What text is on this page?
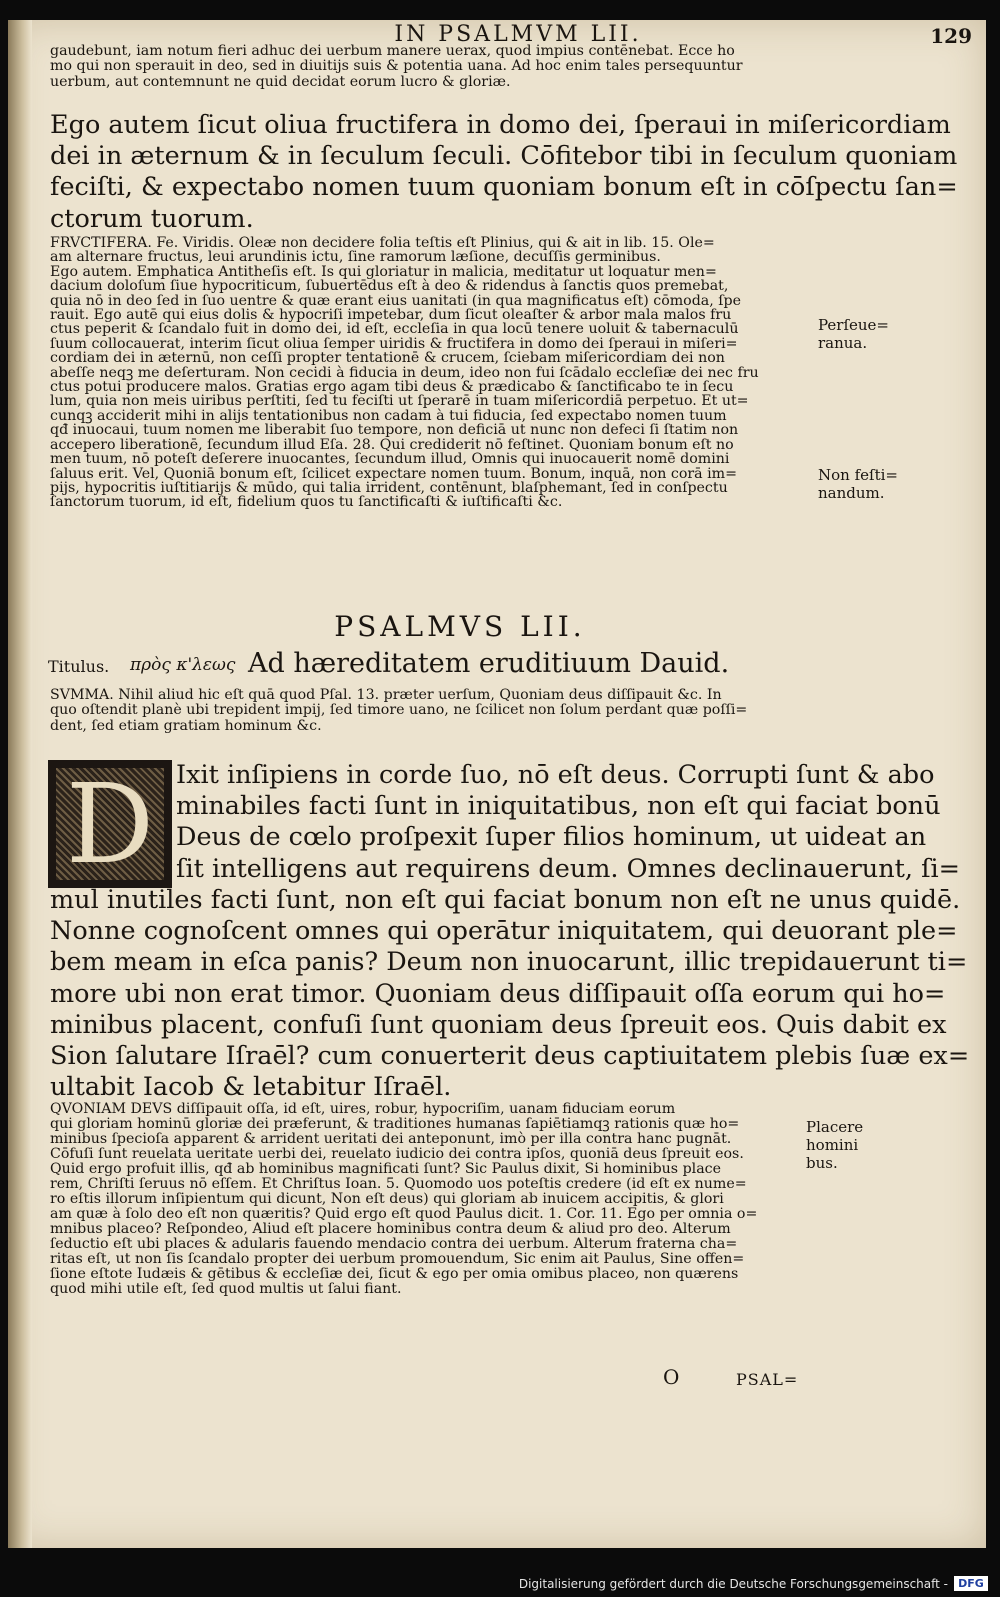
IN PSALMVM LII.	129
gaudebunt, iam notum fieri adhuc dei uerbum manere uerax, quod impius contēnebat. Ecce ho
mo qui non sperauit in deo, sed in diuitijs suis & potentia uana. Ad hoc enim tales persequuntur
uerbum, aut contemnunt ne quid decidat eorum lucro & gloriæ.
Ego autem ſicut oliua fructifera in domo dei, ſperaui in miſericordiam
dei in æternum & in ſeculum ſeculi. Cōfitebor tibi in ſeculum quoniam
feciſti, & expectabo nomen tuum quoniam bonum eſt in cōſpectu ſan=
ctorum tuorum.
FRVCTIFERA. Fe. Viridis. Oleæ non decidere folia teſtis eſt Plinius, qui & ait in lib. 15. Ole=
am alternare fructus, leui arundinis ictu, ſine ramorum læſione, decuſſis germinibus.
Ego autem. Emphatica Antitheſis eſt. Is qui gloriatur in malicia, meditatur ut loquatur men=
dacium doloſum ſiue hypocriticum, ſubuertēdus eſt à deo & ridendus à ſanctis quos premebat,
quia nō in deo ſed in ſuo uentre & quæ erant eius uanitati (in qua magnificatus eſt) cōmoda, ſpe
rauit. Ego autē qui eius dolis & hypocriſi impetebar, dum ſicut oleaſter & arbor mala malos fru
ctus peperit & ſcandalo fuit in domo dei, id eſt, eccleſia in qua locū tenere uoluit & tabernaculū
ſuum collocauerat, interim ſicut oliua ſemper uiridis & fructifera in domo dei ſperaui in miſeri=
cordiam dei in æternū, non ceſſi propter tentationē & crucem, ſciebam miſericordiam dei non
abeſſe neqꝫ me deſerturam. Non cecidi à fiducia in deum, ideo non fui ſcādalo eccleſiæ dei nec fru
ctus potui producere malos. Gratias ergo agam tibi deus & prædicabo & ſanctificabo te in ſecu
lum, quia non meis uiribus perſtiti, ſed tu feciſti ut ſperarē in tuam miſericordiā perpetuo. Et ut=
cunqꝫ acciderit mihi in alijs tentationibus non cadam à tui fiducia, ſed expectabo nomen tuum
qđ inuocaui, tuum nomen me liberabit ſuo tempore, non deficiā ut nunc non defeci ſi ſtatim non
accepero liberationē, ſecundum illud Eſa. 28. Qui crediderit nō feſtinet. Quoniam bonum eſt no
men tuum, nō poteſt deſerere inuocantes, ſecundum illud, Omnis qui inuocauerit nomē domini
ſaluus erit. Vel, Quoniā bonum eſt, ſcilicet expectare nomen tuum. Bonum, inquā, non corā im=
pijs, hypocritis iuſtitiarijs & mūdo, qui talia irrident, contēnunt, blaſphemant, ſed in conſpectu
ſanctorum tuorum, id eſt, fidelium quos tu ſanctificaſti & iuſtificaſti &c.
Perſeue=
ranua.
Non feſti=
nandum.
PSALMVS LII.
Titulus. πρὸς κ'λεως Ad hæreditatem eruditiuum Dauid.
SVMMA. Nihil aliud hic eſt quā quod Pſal. 13. præter uerſum, Quoniam deus diſſipauit &c. In
quo oſtendit planè ubi trepident impij, ſed timore uano, ne ſcilicet non ſolum perdant quæ poſſi=
dent, ſed etiam gratiam hominum &c.
D Ixit inſipiens in corde ſuo, nō eſt deus. Corrupti ſunt & abo
minabiles facti ſunt in iniquitatibus, non eſt qui faciat bonū
Deus de cœlo proſpexit ſuper filios hominum, ut uideat an
ſit intelligens aut requirens deum. Omnes declinauerunt, ſi=
mul inutiles facti ſunt, non eſt qui faciat bonum non eſt ne unus quidē.
Nonne cognoſcent omnes qui operātur iniquitatem, qui deuorant ple=
bem meam in eſca panis? Deum non inuocarunt, illic trepidauerunt ti=
more ubi non erat timor. Quoniam deus diſſipauit oſſa eorum qui ho=
minibus placent, confuſi ſunt quoniam deus ſpreuit eos. Quis dabit ex
Sion ſalutare Iſraēl? cum conuerterit deus captiuitatem plebis ſuæ ex=
ultabit Iacob & letabitur Iſraēl.
QVONIAM DEVS diſſipauit oſſa, id eſt, uires, robur, hypocriſim, uanam fiduciam eorum
qui gloriam hominū gloriæ dei præferunt, & traditiones humanas ſapiētiamqꝫ rationis quæ ho=
minibus ſpecioſa apparent & arrident ueritati dei anteponunt, imò per illa contra hanc pugnāt.
Cōfuſi ſunt reuelata ueritate uerbi dei, reuelato iudicio dei contra ipſos, quoniā deus ſpreuit eos.
Quid ergo profuit illis, qđ ab hominibus magnificati ſunt? Sic Paulus dixit, Si hominibus place
rem, Chriſti ſeruus nō eſſem. Et Chriſtus Ioan. 5. Quomodo uos poteſtis credere (id eſt ex nume=
ro eſtis illorum inſipientum qui dicunt, Non eſt deus) qui gloriam ab inuicem accipitis, & glori
am quæ à ſolo deo eſt non quæritis? Quid ergo eſt quod Paulus dicit. 1. Cor. 11. Ego per omnia o=
mnibus placeo? Reſpondeo, Aliud eſt placere hominibus contra deum & aliud pro deo. Alterum
ſeductio eſt ubi places & adularis fauendo mendacio contra dei uerbum. Alterum fraterna cha=
ritas eſt, ut non ſis ſcandalo propter dei uerbum promouendum, Sic enim ait Paulus, Sine offen=
ſione eſtote Iudæis & gētibus & eccleſiæ dei, ſicut & ego per omia omibus placeo, non quærens
quod mihi utile eſt, ſed quod multis ut ſalui fiant.
Placere
homini
bus.
O	PSAL=
Digitalisierung gefördert durch die Deutsche Forschungsgemeinschaft - DFG
